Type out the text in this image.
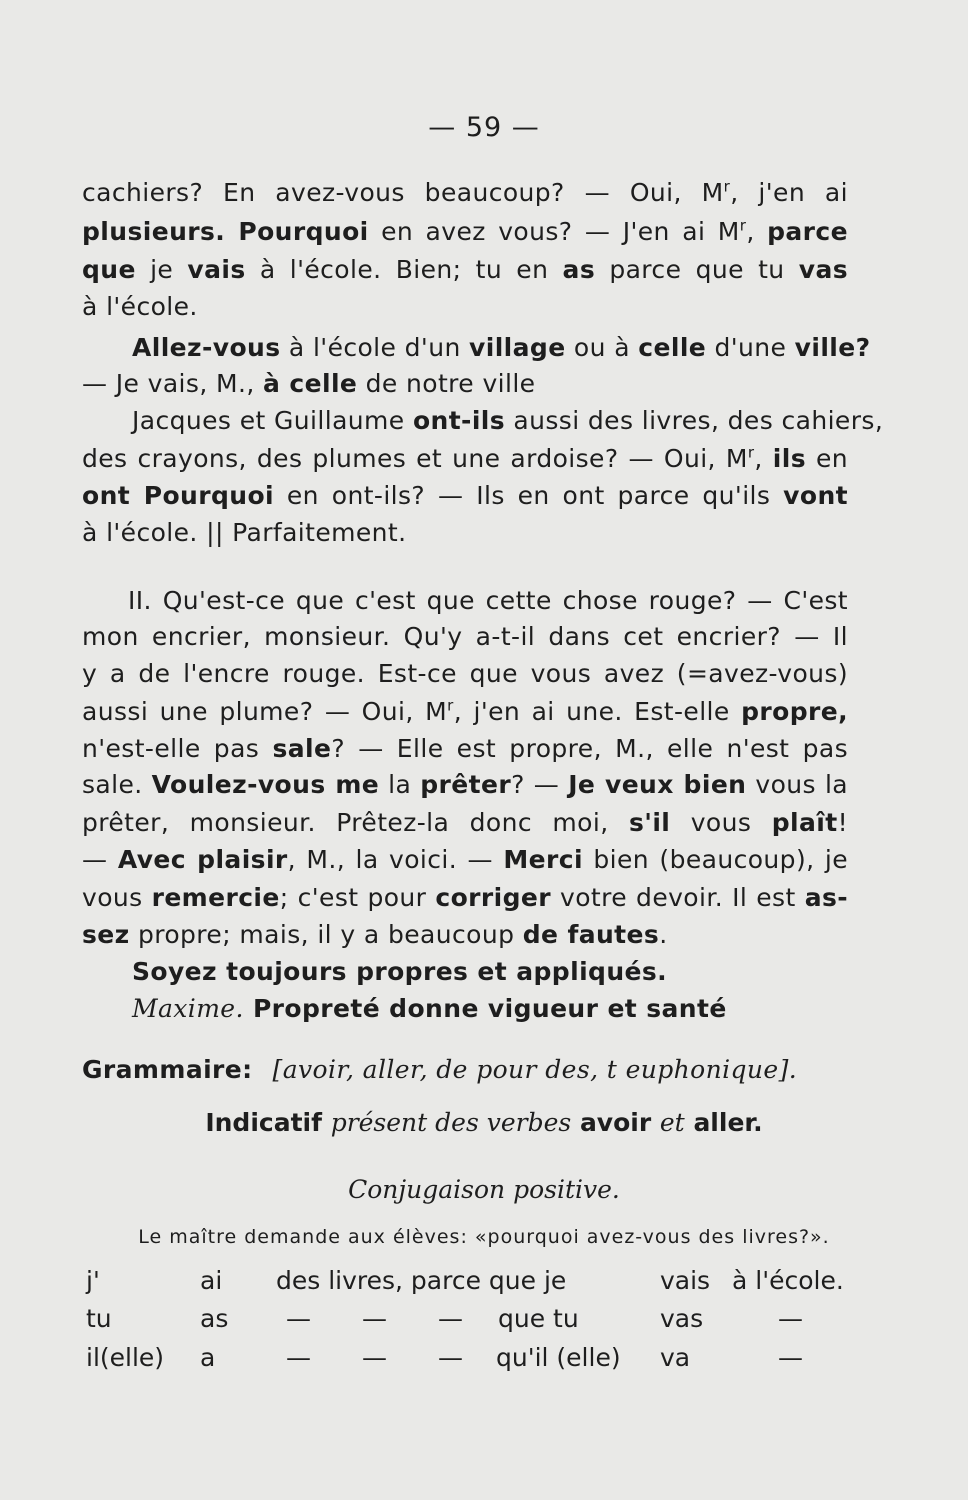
— 59 —
cachiers? En avez-vous beaucoup? — Oui, $M^r$, j'en ai
plusieurs. Pourquoi en avez vous? — J'en ai $M^r$, parce
que je vais à l'école. Bien; tu en as parce que tu vas
à l'école.
Allez-vous à l'école d'un village ou à celle d'une ville?
— Je vais, M., à celle de notre ville
Jacques et Guillaume ont-ils aussi des livres, des cahiers,
des crayons, des plumes et une ardoise? — Oui, $M^r$, ils en
ont Pourquoi en ont-ils? — Ils en ont parce qu'ils vont
à l'école. || Parfaitement.
II. Qu'est-ce que c'est que cette chose rouge? — C'est
mon encrier, monsieur. Qu'y a-t-il dans cet encrier? — Il
y a de l'encre rouge. Est-ce que vous avez (=avez-vous)
aussi une plume? — Oui, $M^r$, j'en ai une. Est-elle propre,
n'est-elle pas sale? — Elle est propre, M., elle n'est pas
sale. Voulez-vous me la prêter? — Je veux bien vous la
prêter, monsieur. Prêtez-la donc moi, s'il vous plaît!
— Avec plaisir, M., la voici. — Merci bien (beaucoup), je
vous remercie; c'est pour corriger votre devoir. Il est as-
sez propre; mais, il y a beaucoup de fautes.
Soyez toujours propres et appliqués.
Maxime. Propreté donne vigueur et santé
Grammaire: [avoir, aller, de pour des, t euphonique].
Indicatif présent des verbes avoir et aller.
Conjugaison positive.
Le maître demande aux élèves: «pourquoi avez-vous des livres?».
j'	ai des livres, parce que je	vais à l'école.
tu	as — — — que tu	vas	—
il(elle) a	— — — qu'il (elle) va	—
